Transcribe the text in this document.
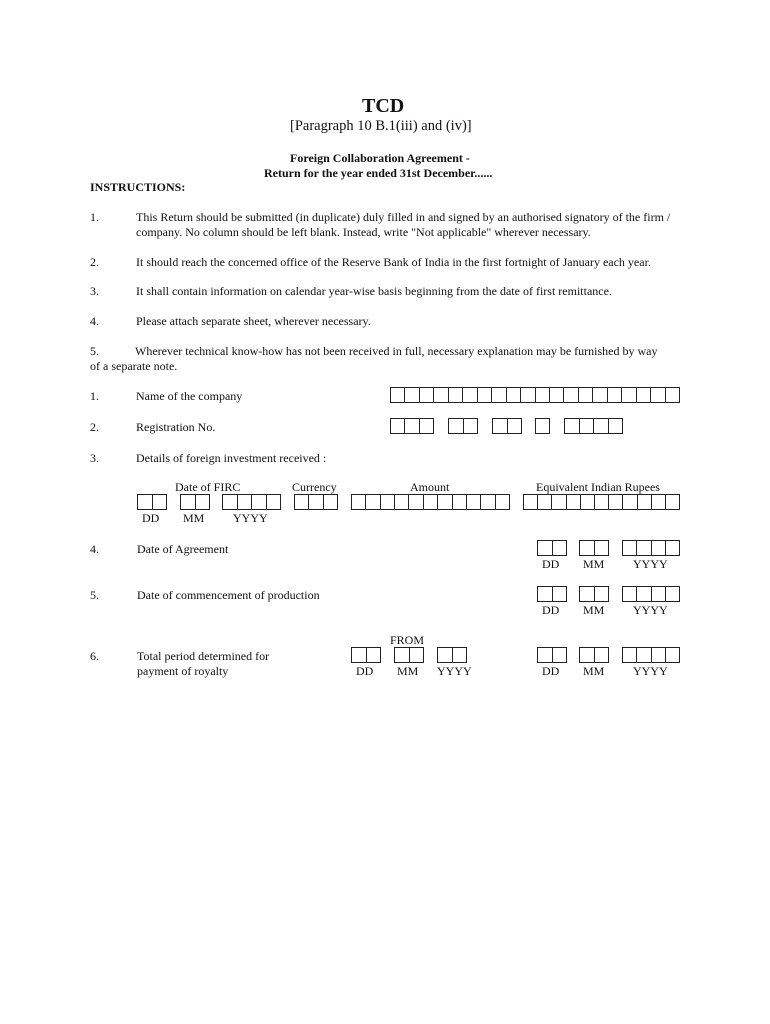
TCD
[Paragraph 10 B.1(iii) and (iv)]
Foreign Collaboration Agreement -
Return for the year ended 31st December......
INSTRUCTIONS:
1.	This Return should be submitted (in duplicate) duly filled in and signed by an authorised signatory of the firm / company. No column should be left blank. Instead, write "Not applicable" wherever necessary.
2.	It should reach the concerned office of the Reserve Bank of India in the first fortnight of January each year.
3.	It shall contain information on calendar year-wise basis beginning from the date of first remittance.
4.	Please attach separate sheet, wherever necessary.
5.	Wherever technical know-how has not been received in full, necessary explanation may be furnished by way of a separate note.
1.	Name of the company
2.	Registration No.
3.	Details of foreign investment received :
Date of FIRC	Currency	Amount	Equivalent Indian Rupees
DD MM YYYY
4.	Date of Agreement
DD MM YYYY
5.	Date of commencement of production
DD MM YYYY
FROM
6.	Total period determined for
payment of royalty	DD MM YYYY	DD MM YYYY
